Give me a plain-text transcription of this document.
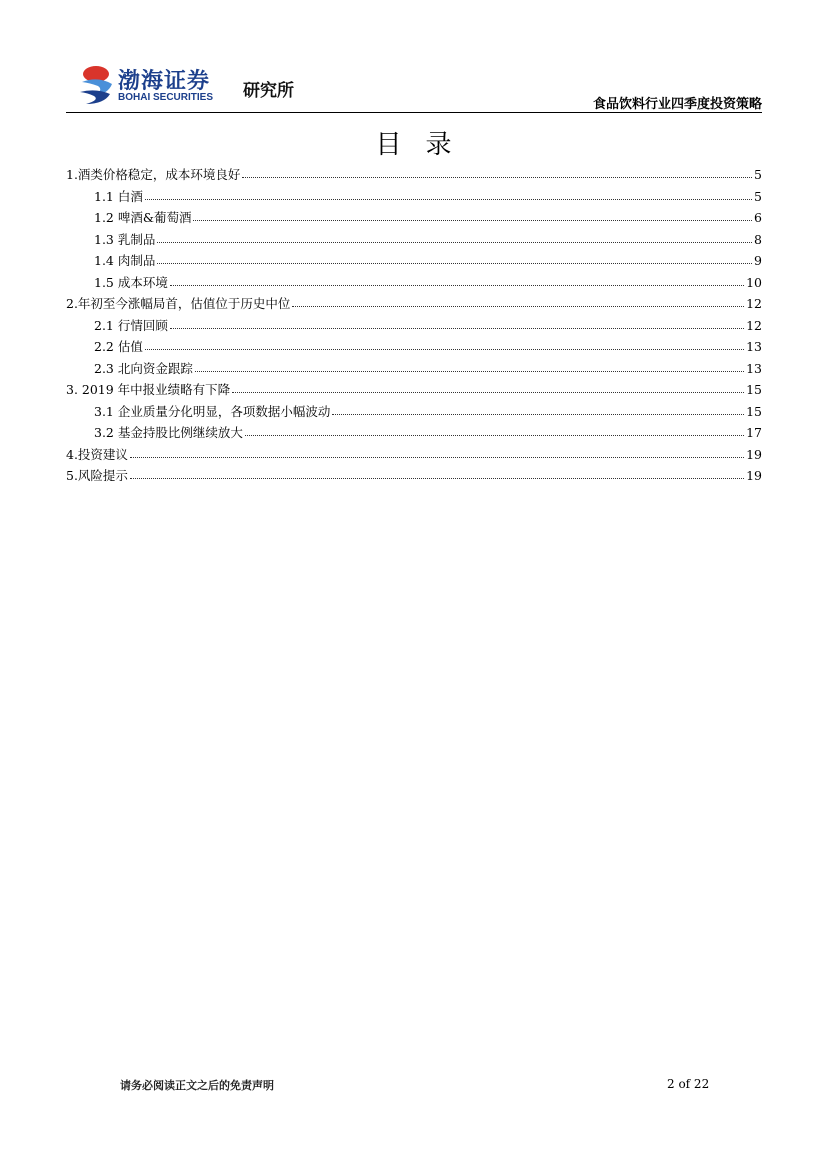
渤海证券
BOHAI SECURITIES 研究所
食品饮料行业四季度投资策略
目录
1.酒类价格稳定，成本环境良好	5
1.1 白酒	5
1.2 啤酒&葡萄酒	6
1.3 乳制品	8
1.4 肉制品	9
1.5 成本环境	10
2.年初至今涨幅局首，估值位于历史中位	12
2.1 行情回顾	12
2.2 估值	13
2.3 北向资金跟踪	13
3. 2019 年中报业绩略有下降	15
3.1 企业质量分化明显，各项数据小幅波动	15
3.2 基金持股比例继续放大	17
4.投资建议	19
5.风险提示	19
请务必阅读正文之后的免责声明	2 of 22
